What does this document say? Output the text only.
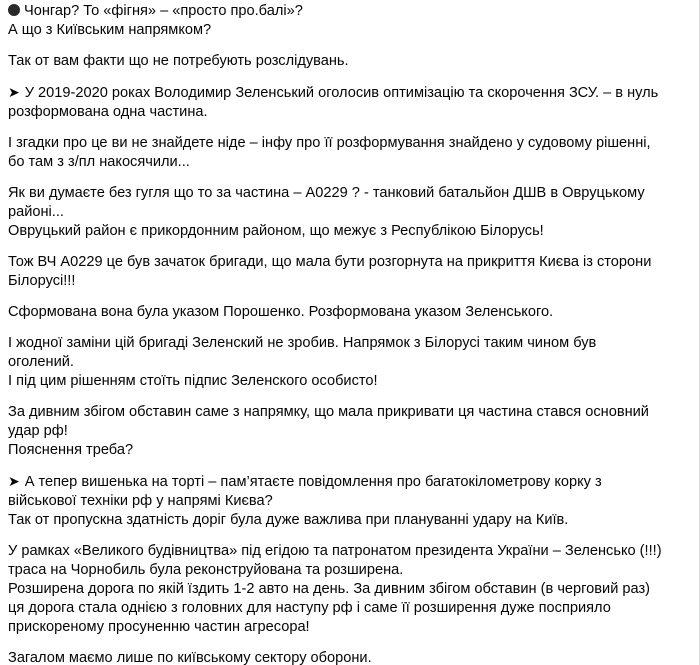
Чонгар? То «фігня» – «просто про.балі»?
А що з Київським напрямком?
Так от вам факти що не потребують розслідувань.
➤ У 2019-2020 роках Володимир Зеленський оголосив оптимізацію та скорочення ЗСУ. – в нуль
розформована одна частина.
І згадки про це ви не знайдете ніде – інфу про її розформування знайдено у судовому рішенні,
бо там з з/пл накосячили...
Як ви думаєте без гугля що то за частина – А0229 ? - танковий батальйон ДШВ в Овруцькому
районі...
Овруцький район є прикордонним районом, що межує з Республікою Білорусь!
Тож ВЧ А0229 це був зачаток бригади, що мала бути розгорнута на прикриття Києва із сторони
Білорусі!!!
Сформована вона була указом Порошенко. Розформована указом Зеленського.
І жодної заміни цій бригаді Зеленский не зробив. Напрямок з Білорусі таким чином був
оголений.
І під цим рішенням стоїть підпис Зеленского особисто!
За дивним збігом обставин саме з напрямку, що мала прикривати ця частина стався основний
удар рф!
Пояснення треба?
➤ А тепер вишенька на торті – пам’ятаєте повідомлення про багатокілометрову корку з
військової техніки рф у напрямі Києва?
Так от пропускна здатність доріг була дуже важлива при плануванні удару на Київ.
У рамках «Великого будівництва» під егідою та патронатом президента України – Зеленсько (!!!)
траса на Чорнобиль була реконструйована та розширена.
Розширена дорога по якій їздить 1-2 авто на день. За дивним збігом обставин (в черговий раз)
ця дорога стала однією з головних для наступу рф і саме її розширення дуже посприяло
прискореному просуненню частин агресора!
Загалом маємо лише по київському сектору оборони.
